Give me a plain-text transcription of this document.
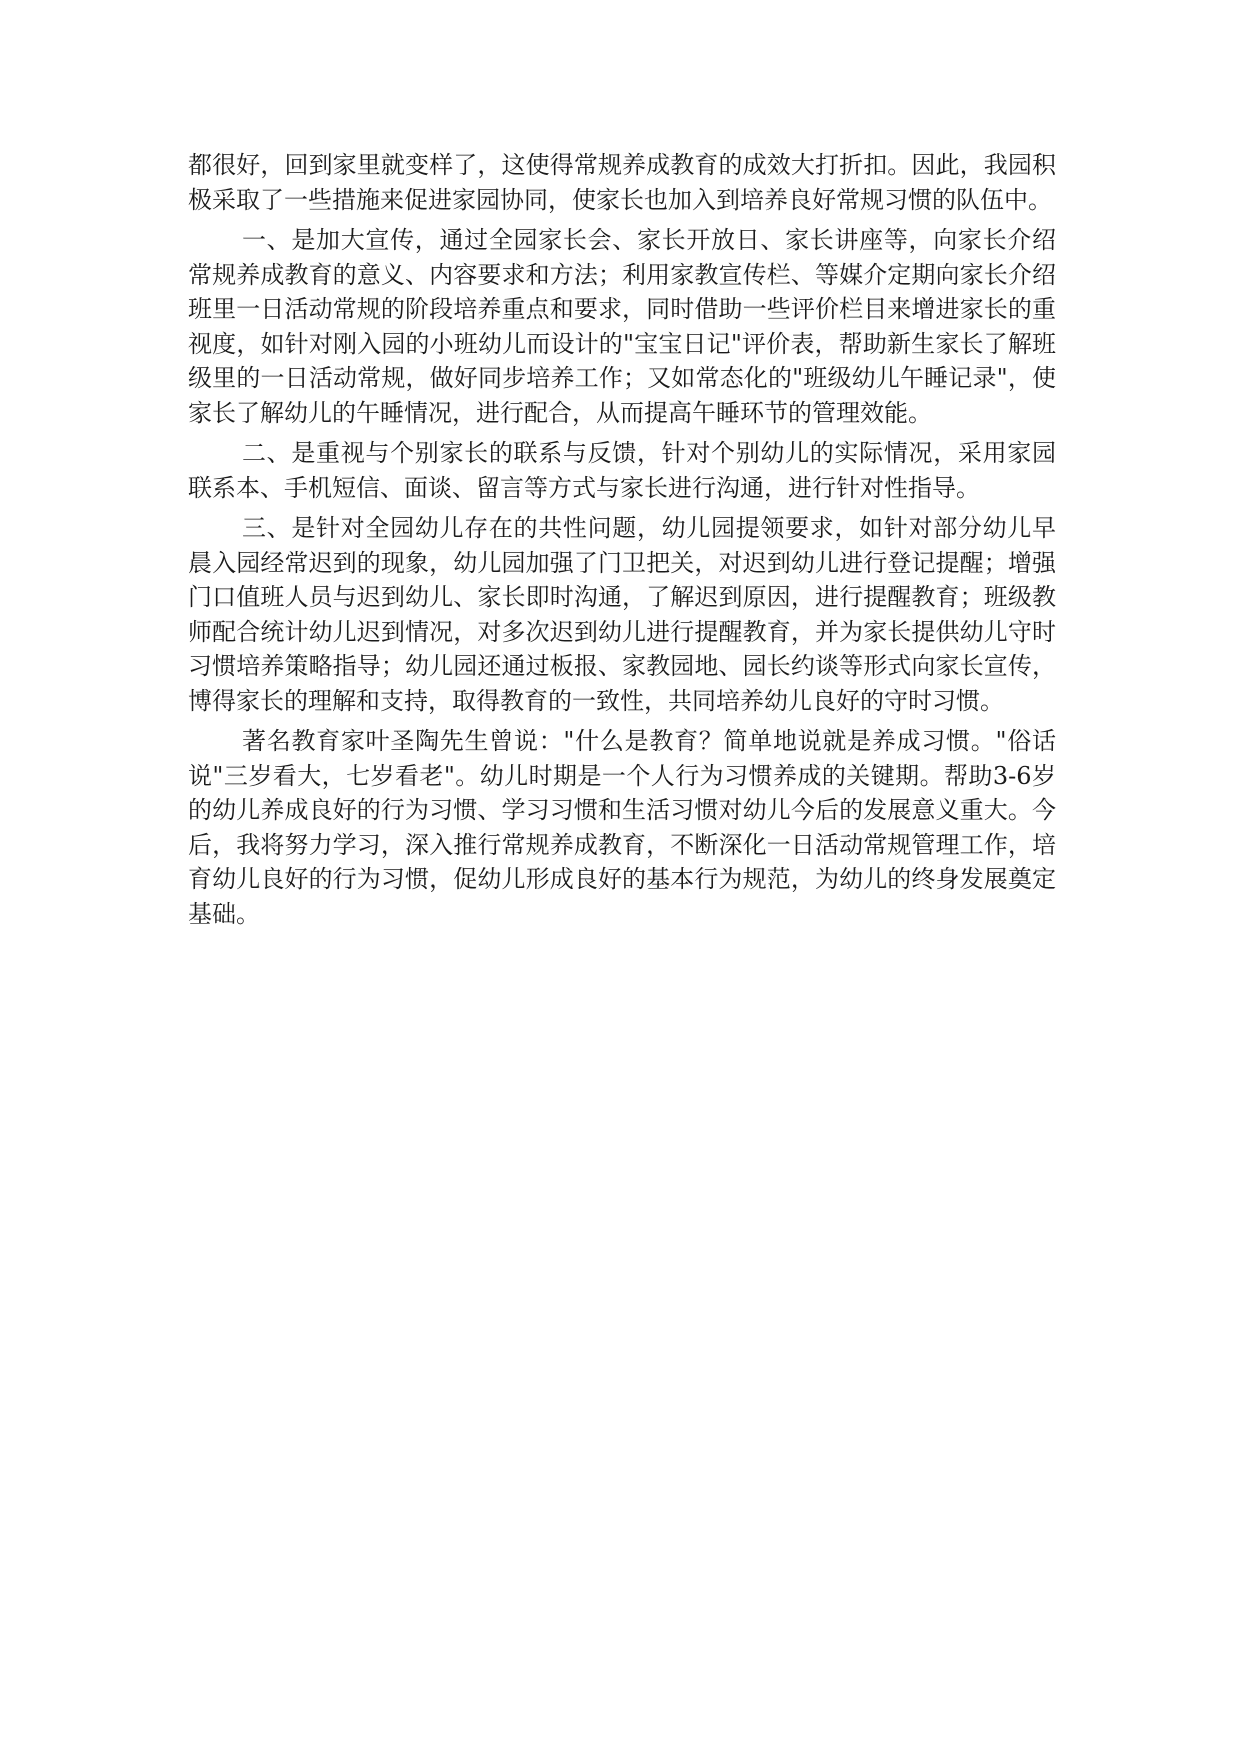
都很好，回到家里就变样了，这使得常规养成教育的成效大打折扣。因此，我园积极采取了一些措施来促进家园协同，使家长也加入到培养良好常规习惯的队伍中。

一、是加大宣传，通过全园家长会、家长开放日、家长讲座等，向家长介绍常规养成教育的意义、内容要求和方法；利用家教宣传栏、等媒介定期向家长介绍班里一日活动常规的阶段培养重点和要求，同时借助一些评价栏目来增进家长的重视度，如针对刚入园的小班幼儿而设计的"宝宝日记"评价表，帮助新生家长了解班级里的一日活动常规，做好同步培养工作；又如常态化的"班级幼儿午睡记录"，使家长了解幼儿的午睡情况，进行配合，从而提高午睡环节的管理效能。

二、是重视与个别家长的联系与反馈，针对个别幼儿的实际情况，采用家园联系本、手机短信、面谈、留言等方式与家长进行沟通，进行针对性指导。

三、是针对全园幼儿存在的共性问题，幼儿园提领要求，如针对部分幼儿早晨入园经常迟到的现象，幼儿园加强了门卫把关，对迟到幼儿进行登记提醒；增强门口值班人员与迟到幼儿、家长即时沟通，了解迟到原因，进行提醒教育；班级教师配合统计幼儿迟到情况，对多次迟到幼儿进行提醒教育，并为家长提供幼儿守时习惯培养策略指导；幼儿园还通过板报、家教园地、园长约谈等形式向家长宣传，博得家长的理解和支持，取得教育的一致性，共同培养幼儿良好的守时习惯。

著名教育家叶圣陶先生曾说："什么是教育？简单地说就是养成习惯。"俗话说"三岁看大，七岁看老"。幼儿时期是一个人行为习惯养成的关键期。帮助3-6岁的幼儿养成良好的行为习惯、学习习惯和生活习惯对幼儿今后的发展意义重大。今后，我将努力学习，深入推行常规养成教育，不断深化一日活动常规管理工作，培育幼儿良好的行为习惯，促幼儿形成良好的基本行为规范，为幼儿的终身发展奠定基础。
